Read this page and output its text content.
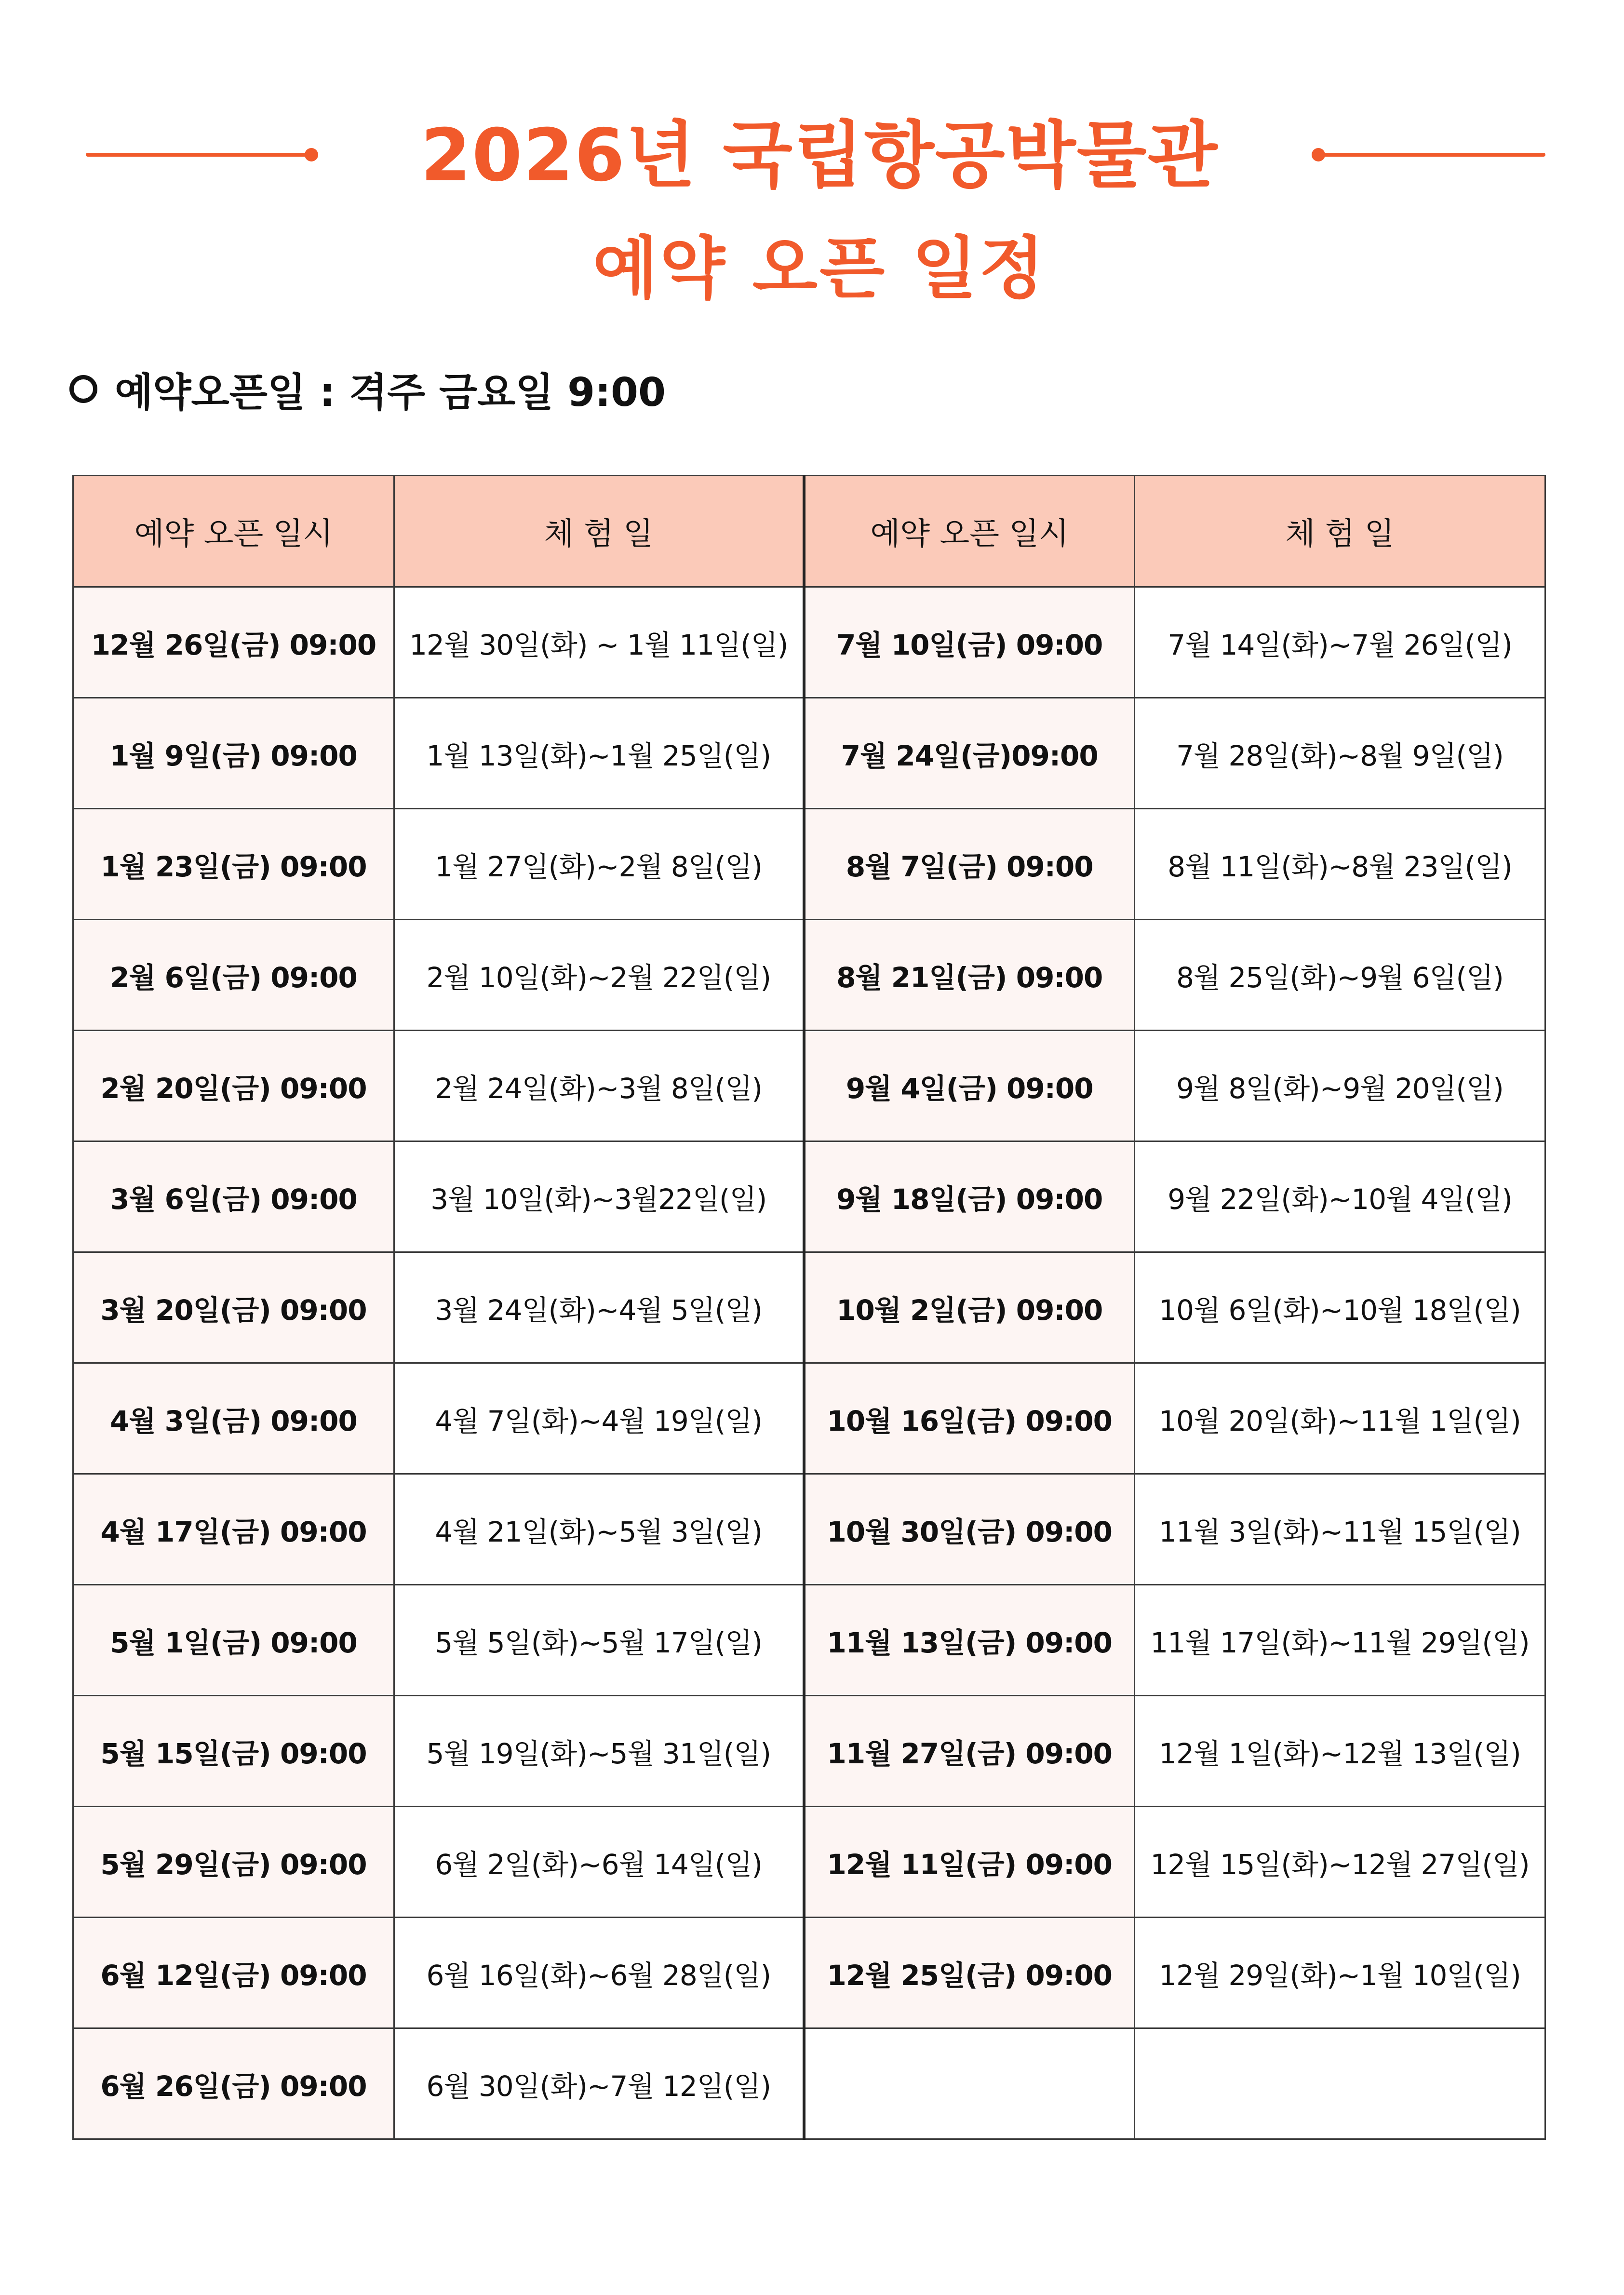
2026년 국립항공박물관
예약 오픈 일정
예약오픈일 : 격주 금요일 9:00
예약 오픈 일시	체 험 일	예약 오픈 일시	체 험 일
12월 26일(금) 09:00	12월 30일(화) ~ 1월 11일(일)	7월 10일(금) 09:00	7월 14일(화)~7월 26일(일)
1월 9일(금) 09:00	1월 13일(화)~1월 25일(일)	7월 24일(금)09:00	7월 28일(화)~8월 9일(일)
1월 23일(금) 09:00	1월 27일(화)~2월 8일(일)	8월 7일(금) 09:00	8월 11일(화)~8월 23일(일)
2월 6일(금) 09:00	2월 10일(화)~2월 22일(일)	8월 21일(금) 09:00	8월 25일(화)~9월 6일(일)
2월 20일(금) 09:00	2월 24일(화)~3월 8일(일)	9월 4일(금) 09:00	9월 8일(화)~9월 20일(일)
3월 6일(금) 09:00	3월 10일(화)~3월22일(일)	9월 18일(금) 09:00	9월 22일(화)~10월 4일(일)
3월 20일(금) 09:00	3월 24일(화)~4월 5일(일)	10월 2일(금) 09:00	10월 6일(화)~10월 18일(일)
4월 3일(금) 09:00	4월 7일(화)~4월 19일(일)	10월 16일(금) 09:00	10월 20일(화)~11월 1일(일)
4월 17일(금) 09:00	4월 21일(화)~5월 3일(일)	10월 30일(금) 09:00	11월 3일(화)~11월 15일(일)
5월 1일(금) 09:00	5월 5일(화)~5월 17일(일)	11월 13일(금) 09:00	11월 17일(화)~11월 29일(일)
5월 15일(금) 09:00	5월 19일(화)~5월 31일(일)	11월 27일(금) 09:00	12월 1일(화)~12월 13일(일)
5월 29일(금) 09:00	6월 2일(화)~6월 14일(일)	12월 11일(금) 09:00	12월 15일(화)~12월 27일(일)
6월 12일(금) 09:00	6월 16일(화)~6월 28일(일)	12월 25일(금) 09:00	12월 29일(화)~1월 10일(일)
6월 26일(금) 09:00	6월 30일(화)~7월 12일(일)		
